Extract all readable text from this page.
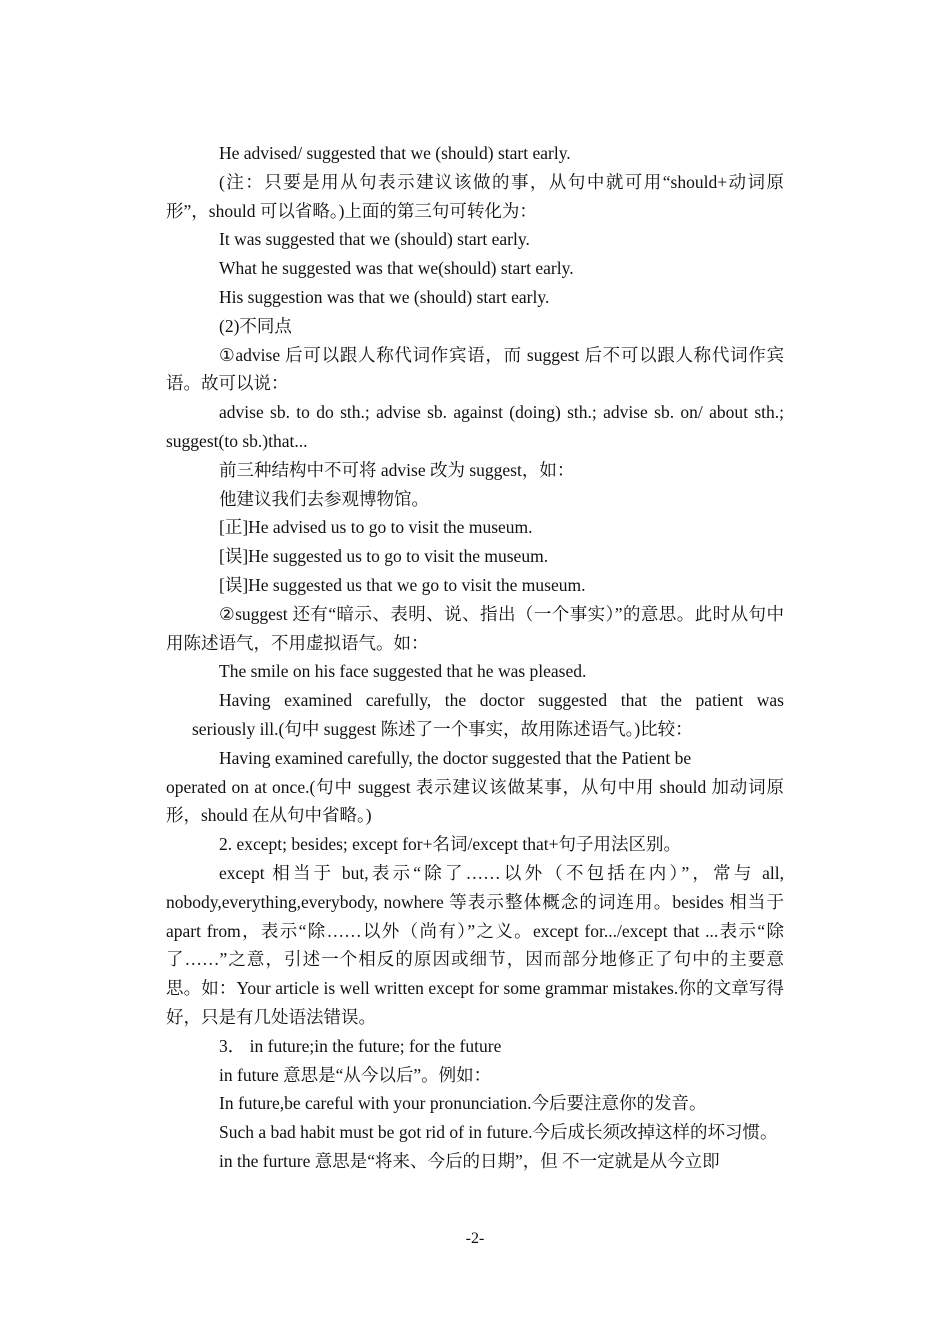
He advised/ suggested that we (should) start early.

(注：只要是用从句表示建议该做的事，从句中就可用“should+动词原形”，should 可以省略。)上面的第三句可转化为：

It was suggested that we (should) start early.

What he suggested was that we(should) start early.

His suggestion was that we (should) start early.

(2)不同点

①advise 后可以跟人称代词作宾语，而 suggest 后不可以跟人称代词作宾语。故可以说：

advise sb. to do sth.; advise sb. against (doing) sth.; advise sb. on/ about sth.; suggest(to sb.)that...

前三种结构中不可将 advise 改为 suggest，如：

他建议我们去参观博物馆。

[正]He advised us to go to visit the museum.

[误]He suggested us to go to visit the museum.

[误]He suggested us that we go to visit the museum.

②suggest 还有“暗示、表明、说、指出（一个事实）”的意思。此时从句中用陈述语气，不用虚拟语气。如：

The smile on his face suggested that he was pleased.

Having examined carefully, the doctor suggested that the patient was

seriously ill.(句中 suggest 陈述了一个事实，故用陈述语气。)比较：

Having examined carefully, the doctor suggested that the Patient be

operated on at once.(句中 suggest 表示建议该做某事，从句中用 should 加动词原形，should 在从句中省略。)

2. except; besides; except for+名词/except that+句子用法区别。

except 相当于 but,表示“除了……以外（不包括在内）”，常与 all, nobody,everything,everybody, nowhere 等表示整体概念的词连用。besides 相当于 apart from，表示“除……以外（尚有）”之义。except for.../except that ...表示“除了……”之意，引述一个相反的原因或细节，因而部分地修正了句中的主要意思。如：Your article is well written except for some grammar mistakes.你的文章写得好，只是有几处语法错误。

3． in future;in the future; for the future

in future 意思是“从今以后”。例如：

In future,be careful with your pronunciation.今后要注意你的发音。

Such a bad habit must be got rid of in future.今后成长须改掉这样的坏习惯。

in the furture 意思是“将来、今后的日期”，但 不一定就是从今立即

-2-
